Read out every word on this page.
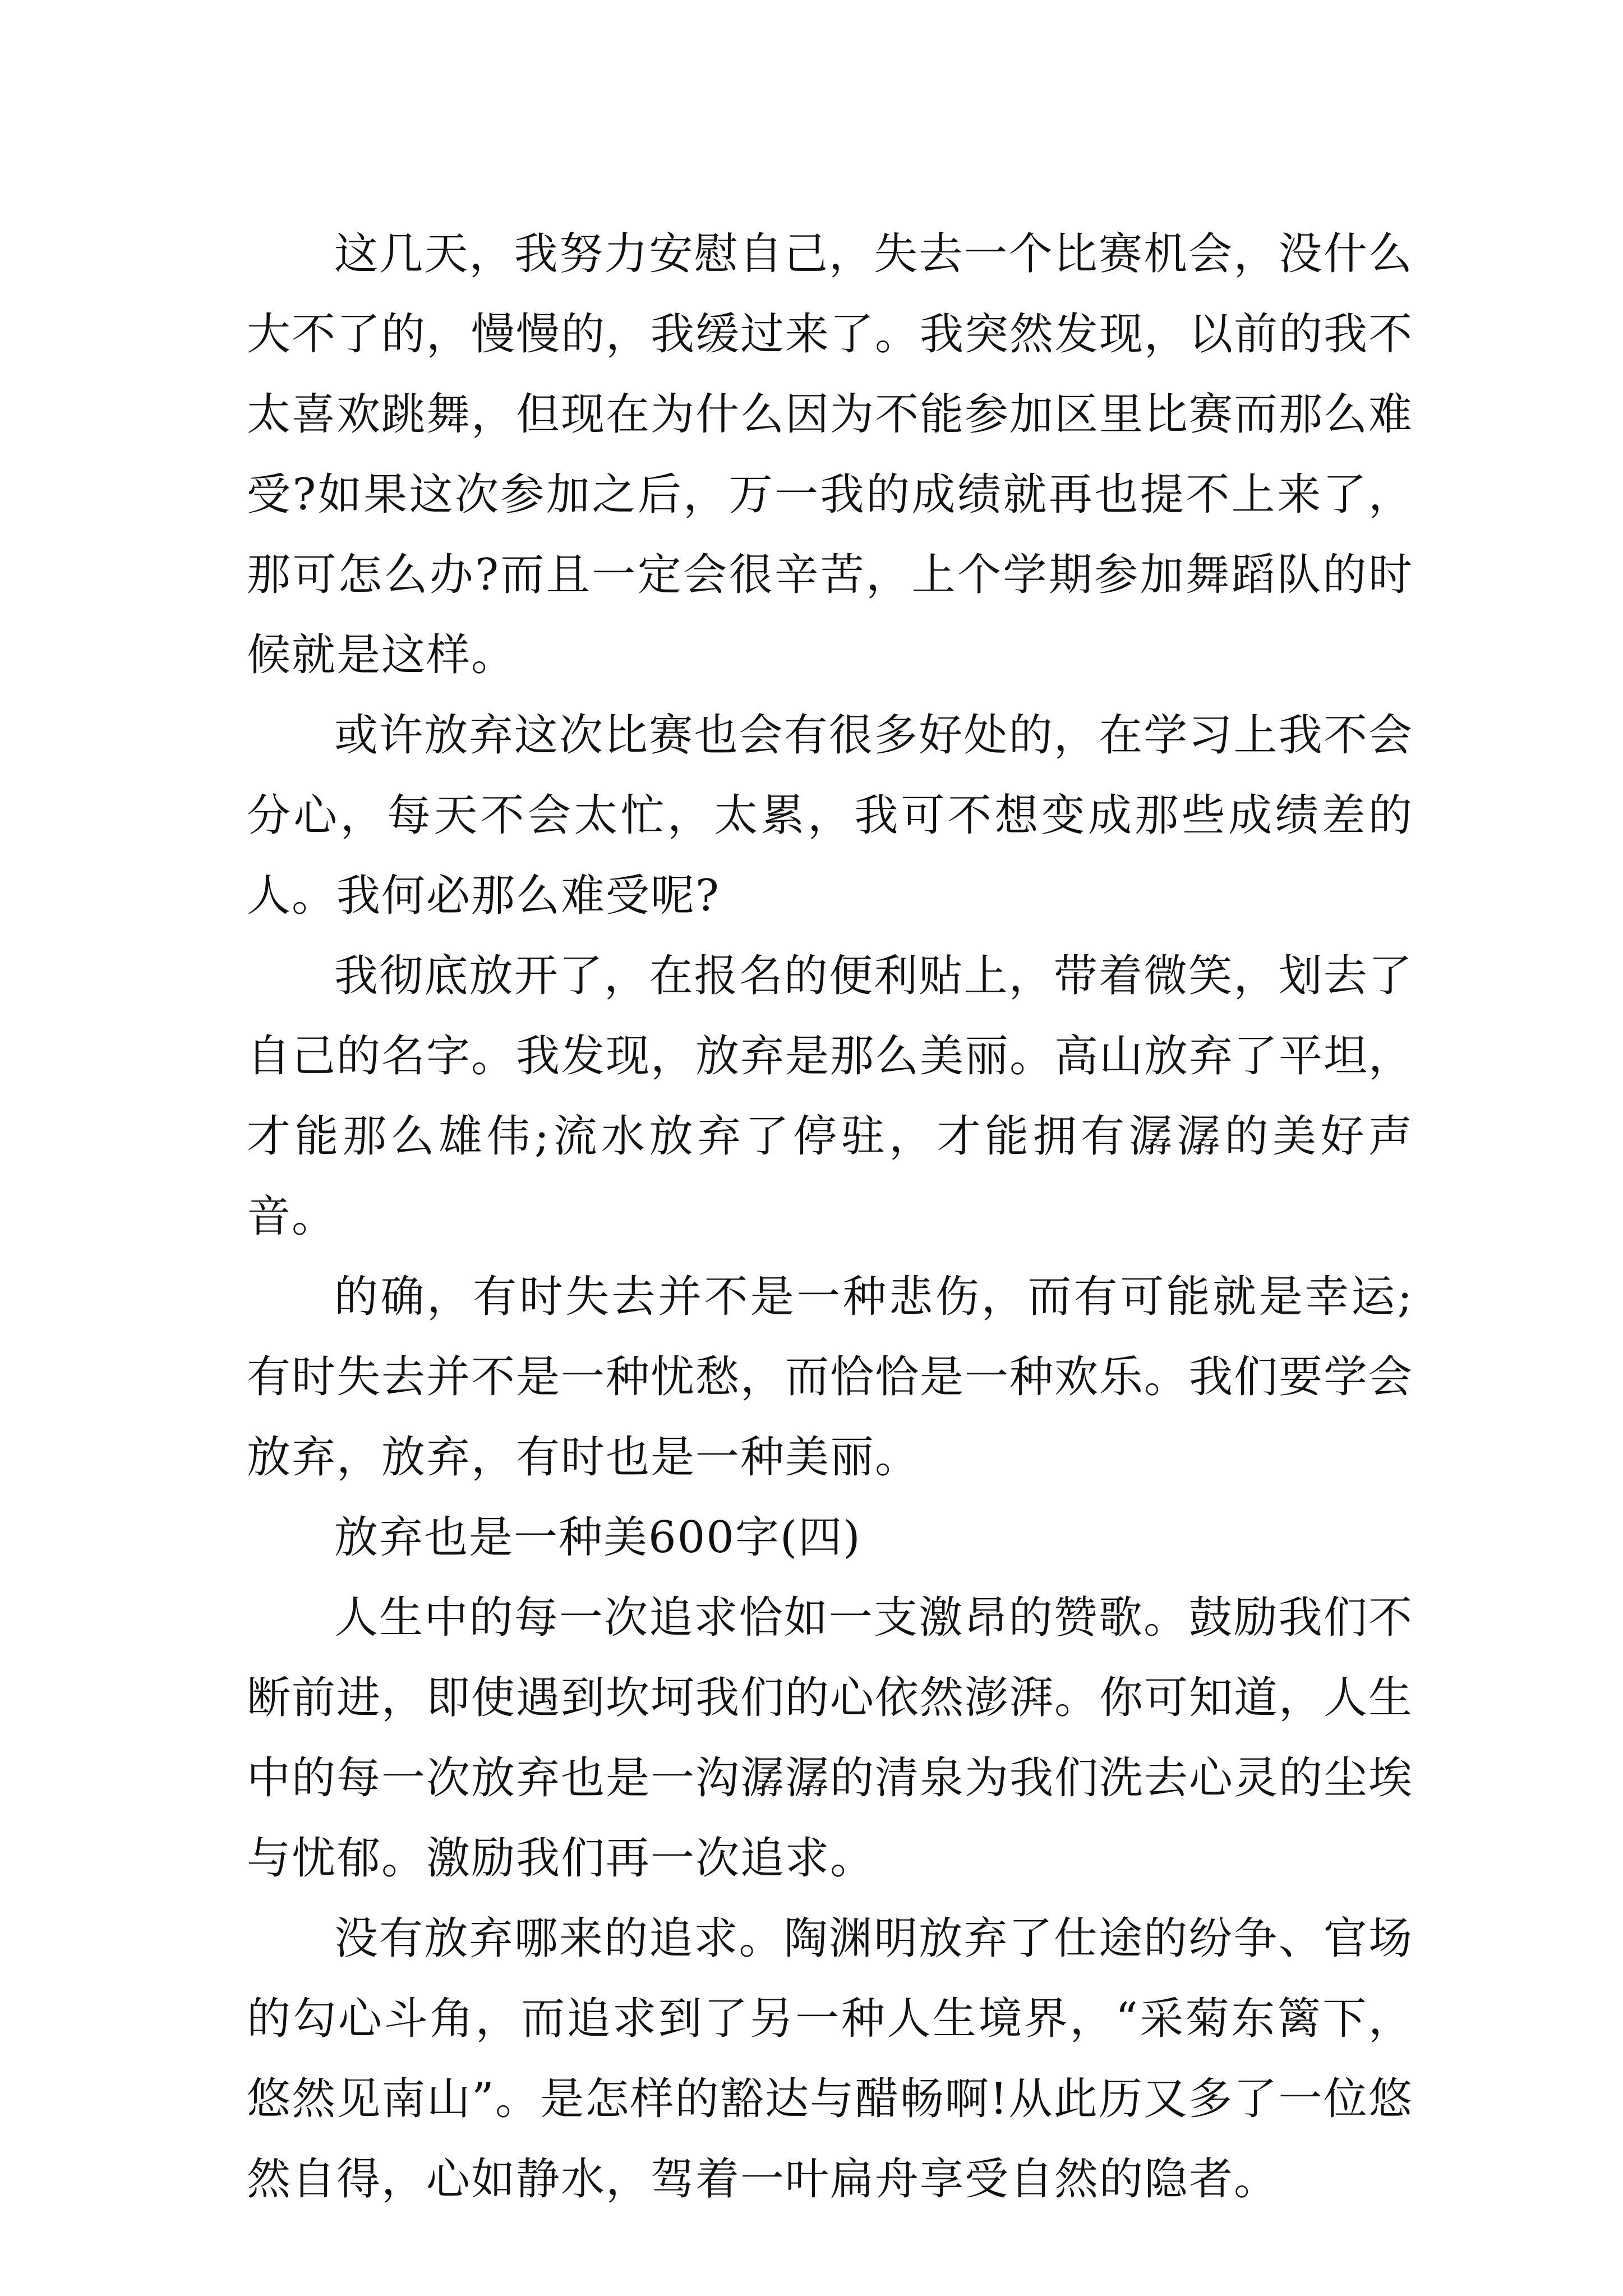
这几天，我努力安慰自己，失去一个比赛机会，没什么大不了的，慢慢的，我缓过来了。我突然发现，以前的我不太喜欢跳舞，但现在为什么因为不能参加区里比赛而那么难受?如果这次参加之后，万一我的成绩就再也提不上来了，那可怎么办?而且一定会很辛苦，上个学期参加舞蹈队的时候就是这样。

或许放弃这次比赛也会有很多好处的，在学习上我不会分心，每天不会太忙，太累，我可不想变成那些成绩差的人。我何必那么难受呢?

我彻底放开了，在报名的便利贴上，带着微笑，划去了自己的名字。我发现，放弃是那么美丽。高山放弃了平坦，才能那么雄伟;流水放弃了停驻，才能拥有潺潺的美好声音。

的确，有时失去并不是一种悲伤，而有可能就是幸运;有时失去并不是一种忧愁，而恰恰是一种欢乐。我们要学会放弃，放弃，有时也是一种美丽。

放弃也是一种美600字(四)

人生中的每一次追求恰如一支激昂的赞歌。鼓励我们不断前进，即使遇到坎坷我们的心依然澎湃。你可知道，人生中的每一次放弃也是一沟潺潺的清泉为我们洗去心灵的尘埃与忧郁。激励我们再一次追求。

没有放弃哪来的追求。陶渊明放弃了仕途的纷争、官场的勾心斗角，而追求到了另一种人生境界，“采菊东篱下，悠然见南山”。是怎样的豁达与醋畅啊!从此历又多了一位悠然自得，心如静水，驾着一叶扁舟享受自然的隐者。
